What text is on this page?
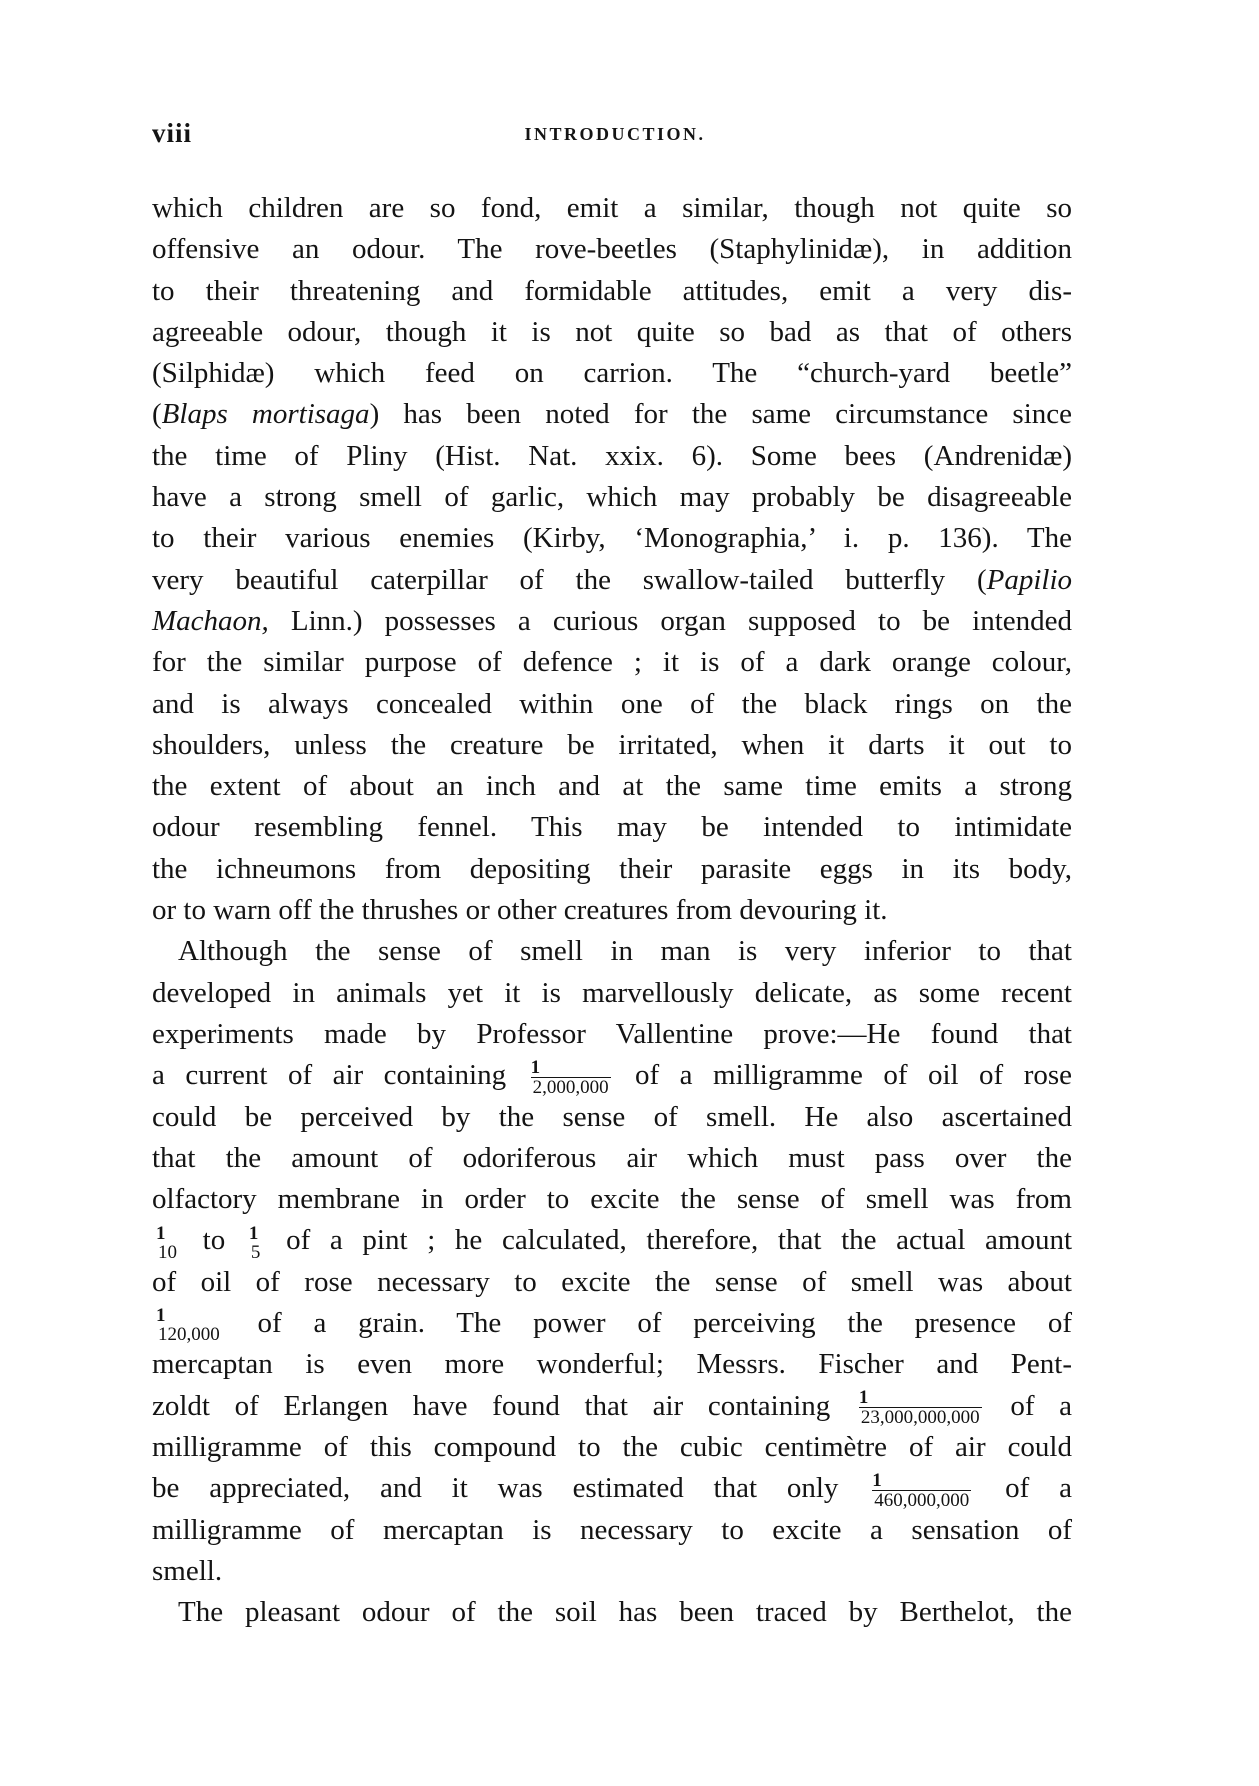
viii	INTRODUCTION.
which children are so fond, emit a similar, though not quite so
offensive an odour. The rove-beetles (Staphylinidæ), in addition
to their threatening and formidable attitudes, emit a very dis-
agreeable odour, though it is not quite so bad as that of others
(Silphidæ) which feed on carrion. The “church-yard beetle”
(Blaps mortisaga) has been noted for the same circumstance since
the time of Pliny (Hist. Nat. xxix. 6). Some bees (Andrenidæ)
have a strong smell of garlic, which may probably be disagreeable
to their various enemies (Kirby, ‘Monographia,’ i. p. 136). The
very beautiful caterpillar of the swallow-tailed butterfly (Papilio
Machaon, Linn.) possesses a curious organ supposed to be intended
for the similar purpose of defence ; it is of a dark orange colour,
and is always concealed within one of the black rings on the
shoulders, unless the creature be irritated, when it darts it out to
the extent of about an inch and at the same time emits a strong
odour resembling fennel. This may be intended to intimidate
the ichneumons from depositing their parasite eggs in its body,
or to warn off the thrushes or other creatures from devouring it.
Although the sense of smell in man is very inferior to that
developed in animals yet it is marvellously delicate, as some recent
experiments made by Professor Vallentine prove:—He found that
a current of air containing $\frac{1}{2,000,000}$ of a milligramme of oil of rose
could be perceived by the sense of smell. He also ascertained
that the amount of odoriferous air which must pass over the
olfactory membrane in order to excite the sense of smell was from
1
10 to 1
5 of a pint ; he calculated, therefore, that the actual amount
of oil of rose necessary to excite the sense of smell was about
1
120,000 of a grain. The power of perceiving the presence of
mercaptan is even more wonderful; Messrs. Fischer and Pent-
zoldt of Erlangen have found that air containing $\frac{1}{23,000,000,000}$ of a
milligramme of this compound to the cubic centimètre of air could
be appreciated, and it was estimated that only $\frac{1}{460,000,000}$ of a
milligramme of mercaptan is necessary to excite a sensation of
smell.
The pleasant odour of the soil has been traced by Berthelot, the
